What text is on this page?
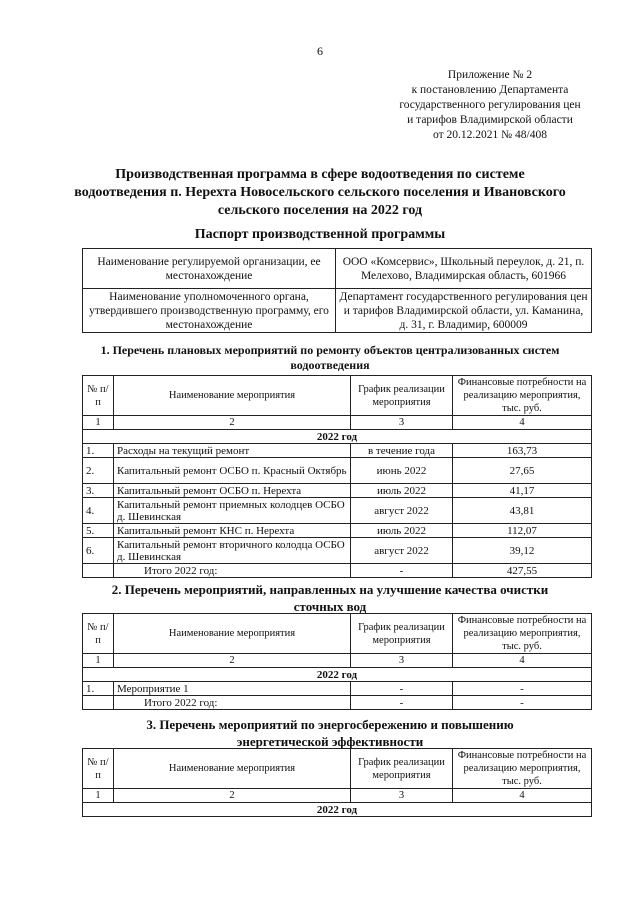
6
Приложение № 2
к постановлению Департамента
государственного регулирования цен
и тарифов Владимирской области
от 20.12.2021 № 48/408
Производственная программа в сфере водоотведения по системе водоотведения п. Нерехта Новосельского сельского поселения и Ивановского сельского поселения на 2022 год
Паспорт производственной программы
Наименование регулируемой организации, ее местонахождение	ООО «Комсервис», Школьный переулок, д. 21, п. Мелехово, Владимирская область, 601966
Наименование уполномоченного органа, утвердившего производственную программу, его местонахождение	Департамент государственного регулирования цен и тарифов Владимирской области, ул. Каманина, д. 31, г. Владимир, 600009
1. Перечень плановых мероприятий по ремонту объектов централизованных систем водоотведения
№ п/п	Наименование мероприятия	График реализации мероприятия	Финансовые потребности на реализацию мероприятия, тыс. руб.
1	2	3	4
2022 год			
1.	Расходы на текущий ремонт	в течение года	163,73
2.	Капитальный ремонт ОСБО п. Красный Октябрь	июнь 2022	27,65
3.	Капитальный ремонт ОСБО п. Нерехта	июль 2022	41,17
4.	Капитальный ремонт приемных колодцев ОСБО д. Шевинская	август 2022	43,81
5.	Капитальный ремонт КНС п. Нерехта	июль 2022	112,07
6.	Капитальный ремонт вторичного колодца ОСБО д. Шевинская	август 2022	39,12
	Итого 2022 год:	-	427,55
2. Перечень мероприятий, направленных на улучшение качества очистки сточных вод
№ п/п	Наименование мероприятия	График реализации мероприятия	Финансовые потребности на реализацию мероприятия, тыс. руб.
1	2	3	4
2022 год			
1.	Мероприятие 1	-	-
	Итого 2022 год:	-	-
3. Перечень мероприятий по энергосбережению и повышению энергетической эффективности
№ п/п	Наименование мероприятия	График реализации мероприятия	Финансовые потребности на реализацию мероприятия, тыс. руб.
1	2	3	4
2022 год			
